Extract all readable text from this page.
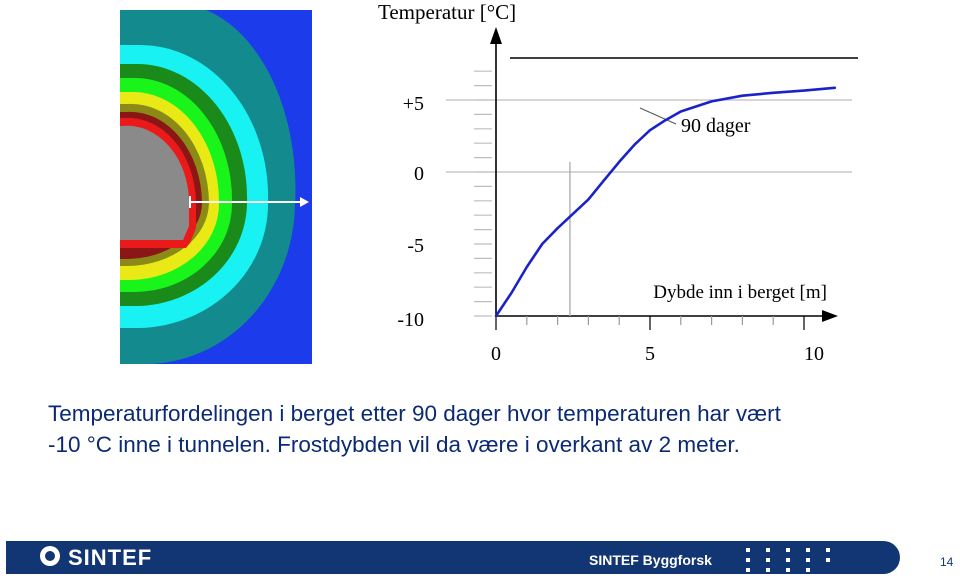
Temperatur [°C]
+5
0
-5
-10
0	5	10
Dybde inn i berget [m]
90 dager
Temperaturfordelingen i berget etter 90 dager hvor temperaturen har vært
-10 °C inne i tunnelen. Frostdybden vil da være i overkant av 2 meter.
SINTEF	SINTEF Byggforsk	14
